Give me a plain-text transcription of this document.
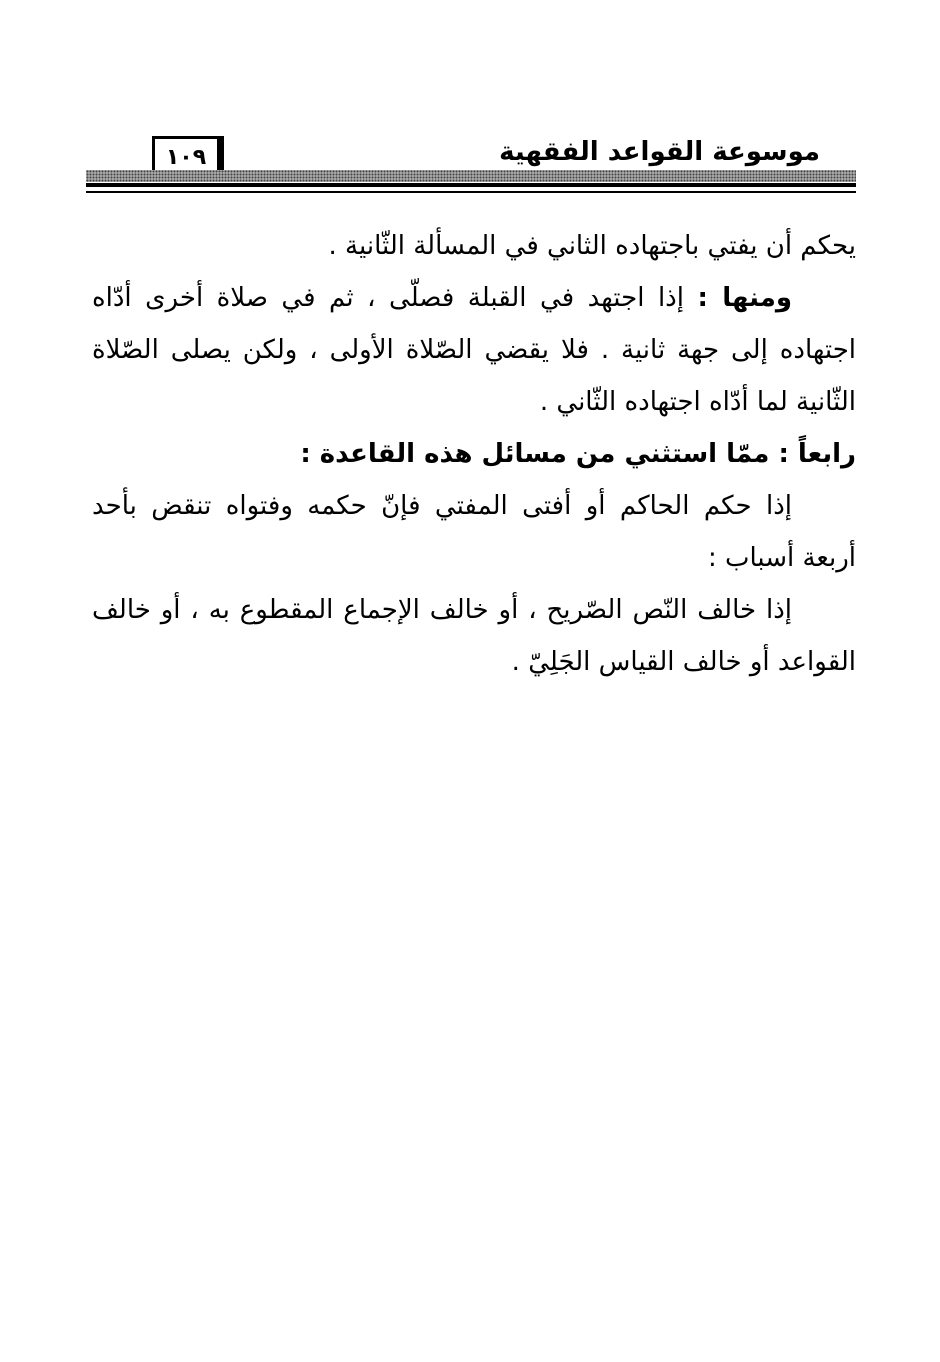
موسوعة القواعد الفقهية
١٠٩

يحكم أن يفتي باجتهاده الثاني في المسألة الثّانية .

ومنها : إذا اجتهد في القبلة فصلّى ، ثم في صلاة أخرى أدّاه اجتهاده إلى جهة ثانية . فلا يقضي الصّلاة الأولى ، ولكن يصلى الصّلاة الثّانية لما أدّاه اجتهاده الثّاني .

رابعاً : ممّا استثني من مسائل هذه القاعدة :

إذا حكم الحاكم أو أفتى المفتي فإنّ حكمه وفتواه تنقض بأحد أربعة أسباب :

إذا خالف النّص الصّريح ، أو خالف الإجماع المقطوع به ، أو خالف القواعد أو خالف القياس الجَلِيّ .
